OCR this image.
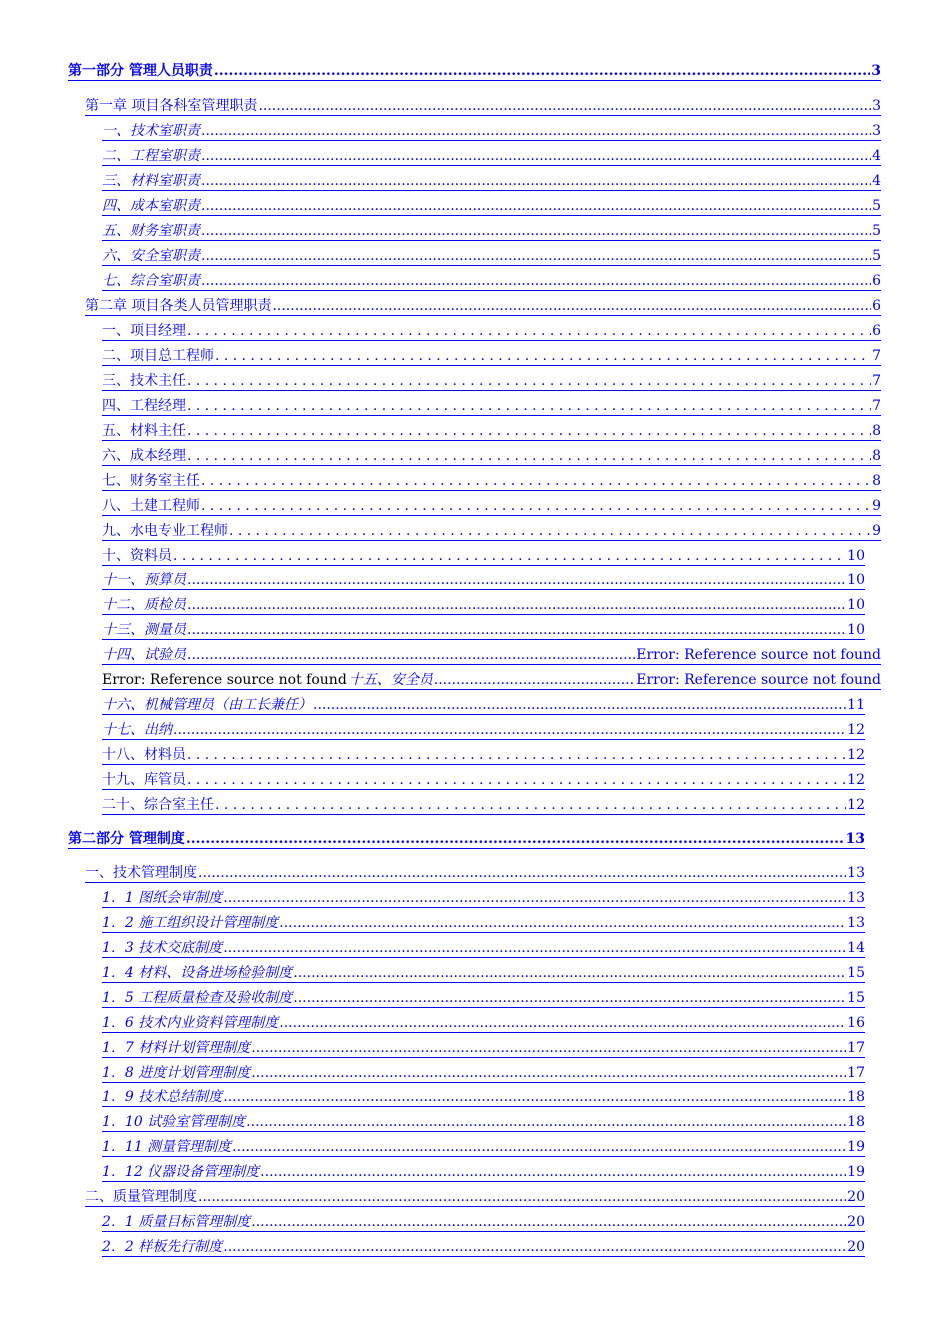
第一部分 管理人员职责 .....	3
第一章 项目各科室管理职责 .....	3
一、技术室职责 .....	3
二、工程室职责 .....	4
三、材料室职责 .....	4
四、成本室职责 .....	5
五、财务室职责 .....	5
六、安全室职责 .....	5
七、综合室职责 .....	6
第二章 项目各类人员管理职责 .....	6
一、项目经理 .....	6
二、项目总工程师 .....	7
三、技术主任 .....	7
四、工程经理 .....	7
五、材料主任 .....	8
六、成本经理 .....	8
七、财务室主任 .....	8
八、土建工程师 .....	9
九、水电专业工程师 .....	9
十、资料员 .....	10
十一、预算员 .....	10
十二、质检员 .....	10
十三、测量员 .....	10
十四、试验员 .....	Error: Reference source not found
Error: Reference source not found 十五、安全员 .....	Error: Reference source not found
十六、机械管理员（由工长兼任） .....	11
十七、出纳 .....	12
十八、材料员 .....	12
十九、库管员 .....	12
二十、综合室主任 .....	12
第二部分 管理制度 .....	13
一、技术管理制度 .....	13
1．1 图纸会审制度 .....	13
1．2 施工组织设计管理制度 .....	13
1．3 技术交底制度 .....	14
1．4 材料、设备进场检验制度 .....	15
1．5 工程质量检查及验收制度 .....	15
1．6 技术内业资料管理制度 .....	16
1．7 材料计划管理制度 .....	17
1．8 进度计划管理制度 .....	17
1．9 技术总结制度 .....	18
1．10 试验室管理制度 .....	18
1．11 测量管理制度 .....	19
1．12 仪器设备管理制度 .....	19
二、质量管理制度 .....	20
2．1 质量目标管理制度 .....	20
2．2 样板先行制度 .....	20
